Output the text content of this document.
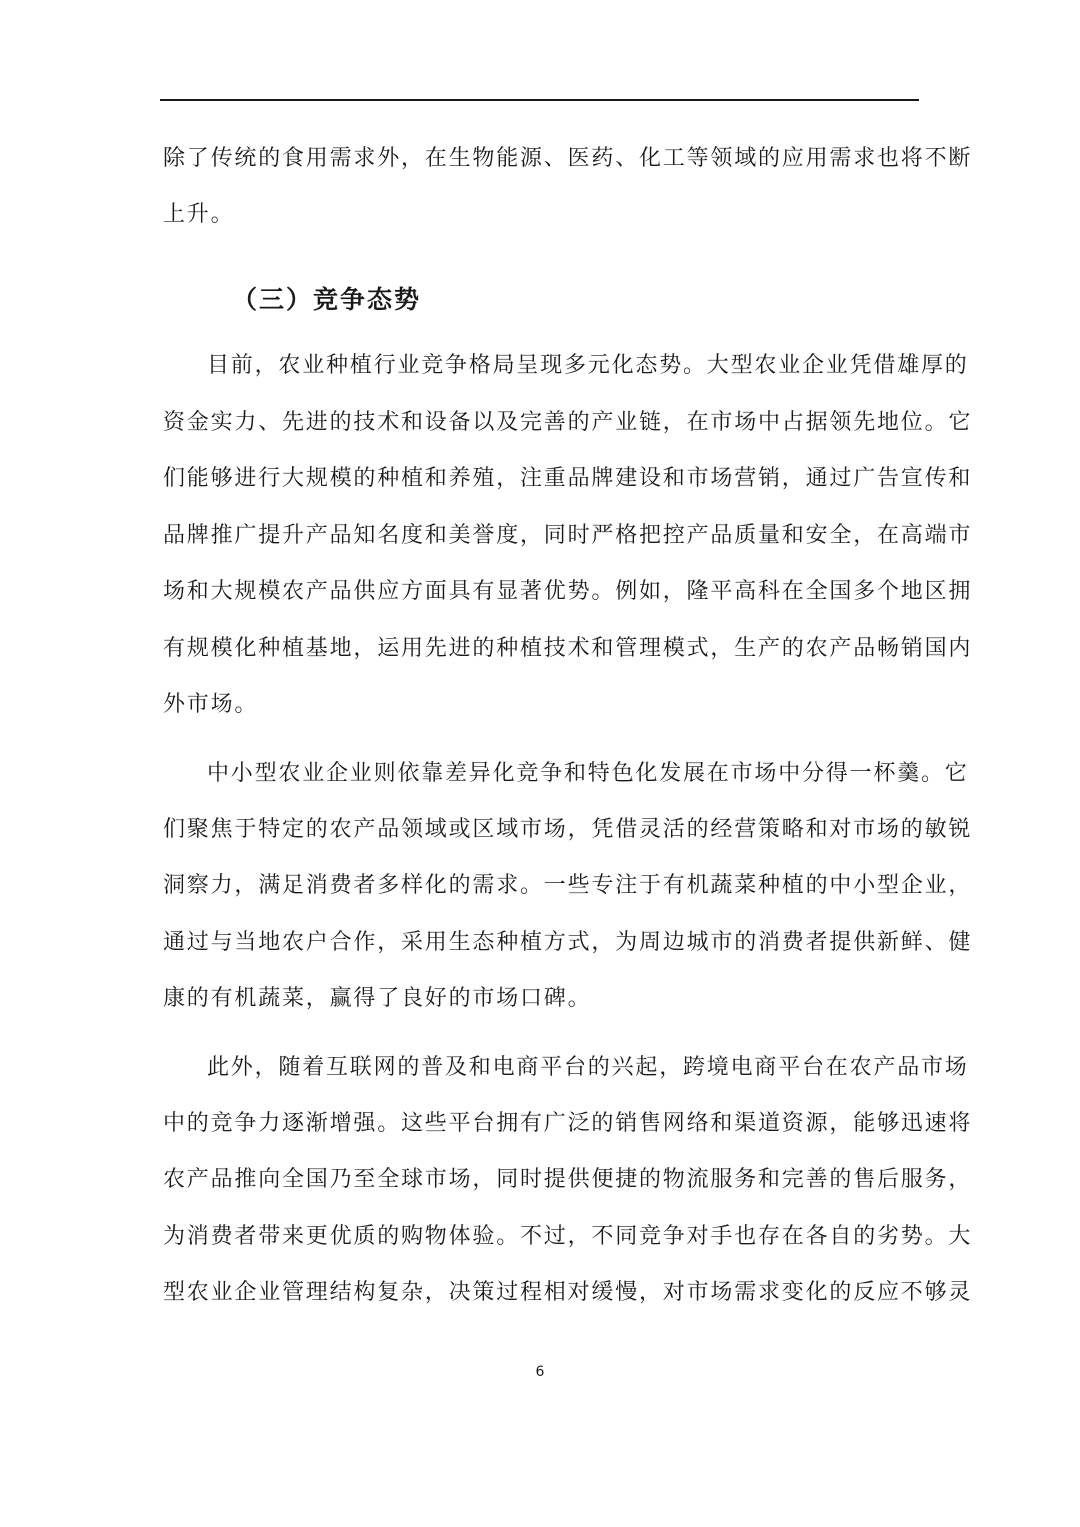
除了传统的食用需求外，在生物能源、医药、化工等领域的应用需求也将不断
上升。
（三）竞争态势
目前，农业种植行业竞争格局呈现多元化态势。大型农业企业凭借雄厚的
资金实力、先进的技术和设备以及完善的产业链，在市场中占据领先地位。它
们能够进行大规模的种植和养殖，注重品牌建设和市场营销，通过广告宣传和
品牌推广提升产品知名度和美誉度，同时严格把控产品质量和安全，在高端市
场和大规模农产品供应方面具有显著优势。例如，隆平高科在全国多个地区拥
有规模化种植基地，运用先进的种植技术和管理模式，生产的农产品畅销国内
外市场。
中小型农业企业则依靠差异化竞争和特色化发展在市场中分得一杯羹。它
们聚焦于特定的农产品领域或区域市场，凭借灵活的经营策略和对市场的敏锐
洞察力，满足消费者多样化的需求。一些专注于有机蔬菜种植的中小型企业，
通过与当地农户合作，采用生态种植方式，为周边城市的消费者提供新鲜、健
康的有机蔬菜，赢得了良好的市场口碑。
此外，随着互联网的普及和电商平台的兴起，跨境电商平台在农产品市场
中的竞争力逐渐增强。这些平台拥有广泛的销售网络和渠道资源，能够迅速将
农产品推向全国乃至全球市场，同时提供便捷的物流服务和完善的售后服务，
为消费者带来更优质的购物体验。不过，不同竞争对手也存在各自的劣势。大
型农业企业管理结构复杂，决策过程相对缓慢，对市场需求变化的反应不够灵
6
